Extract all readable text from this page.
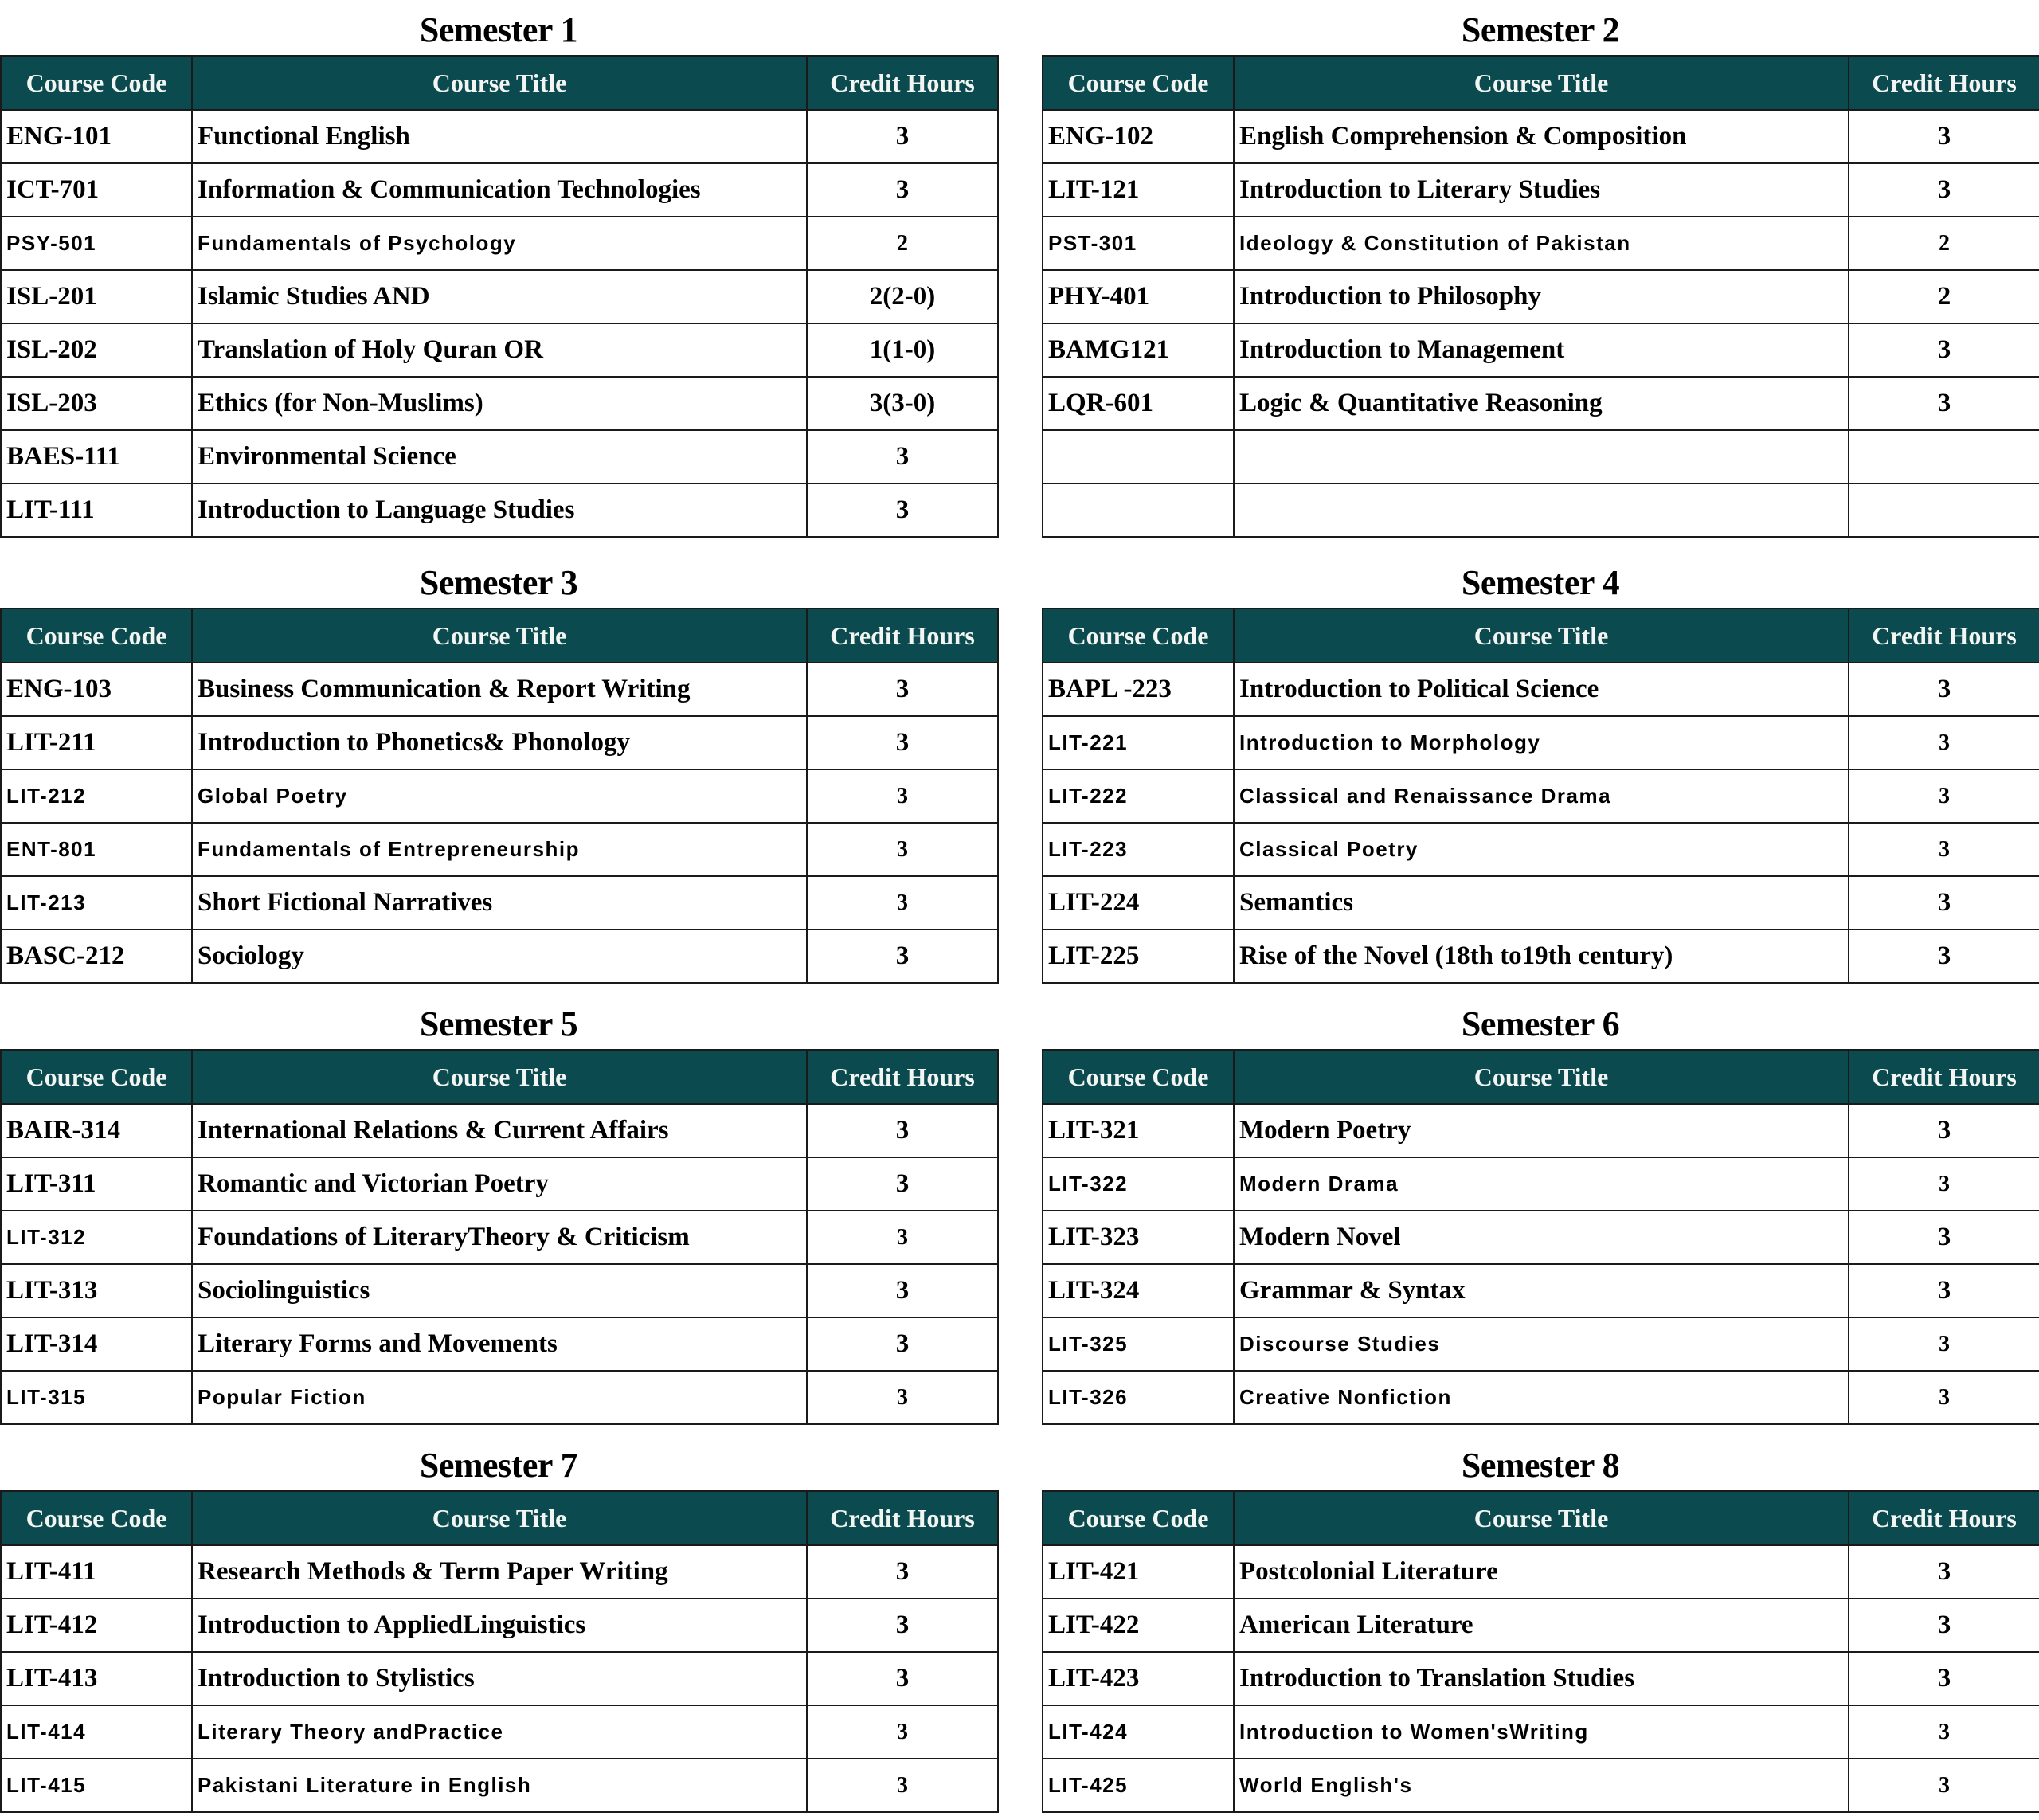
Semester 1
Course Code	Course Title	Credit Hours
ENG-101	Functional English	3
ICT-701	Information & Communication Technologies	3
PSY-501	Fundamentals of Psychology	2
ISL-201	Islamic Studies AND	2(2-0)
ISL-202	Translation of Holy Quran OR	1(1-0)
ISL-203	Ethics (for Non-Muslims)	3(3-0)
BAES-111	Environmental Science	3
LIT-111	Introduction to Language Studies	3
Semester 2
Course Code	Course Title	Credit Hours
ENG-102	English Comprehension & Composition	3
LIT-121	Introduction to Literary Studies	3
PST-301	Ideology & Constitution of Pakistan	2
PHY-401	Introduction to Philosophy	2
BAMG121	Introduction to Management	3
LQR-601	Logic & Quantitative Reasoning	3

Semester 3
Course Code	Course Title	Credit Hours
ENG-103	Business Communication & Report Writing	3
LIT-211	Introduction to Phonetics& Phonology	3
LIT-212	Global Poetry	3
ENT-801	Fundamentals of Entrepreneurship	3
LIT-213	Short Fictional Narratives	3
BASC-212	Sociology	3
Semester 4
Course Code	Course Title	Credit Hours
BAPL -223	Introduction to Political Science	3
LIT-221	Introduction to Morphology	3
LIT-222	Classical and Renaissance Drama	3
LIT-223	Classical Poetry	3
LIT-224	Semantics	3
LIT-225	Rise of the Novel (18th to19th century)	3
Semester 5
Course Code	Course Title	Credit Hours
BAIR-314	International Relations & Current Affairs	3
LIT-311	Romantic and Victorian Poetry	3
LIT-312	Foundations of LiteraryTheory & Criticism	3
LIT-313	Sociolinguistics	3
LIT-314	Literary Forms and Movements	3
LIT-315	Popular Fiction	3
Semester 6
Course Code	Course Title	Credit Hours
LIT-321	Modern Poetry	3
LIT-322	Modern Drama	3
LIT-323	Modern Novel	3
LIT-324	Grammar & Syntax	3
LIT-325	Discourse Studies	3
LIT-326	Creative Nonfiction	3
Semester 7
Course Code	Course Title	Credit Hours
LIT-411	Research Methods & Term Paper Writing	3
LIT-412	Introduction to AppliedLinguistics	3
LIT-413	Introduction to Stylistics	3
LIT-414	Literary Theory andPractice	3
LIT-415	Pakistani Literature in English	3
Semester 8
Course Code	Course Title	Credit Hours
LIT-421	Postcolonial Literature	3
LIT-422	American Literature	3
LIT-423	Introduction to Translation Studies	3
LIT-424	Introduction to Women'sWriting	3
LIT-425	World English's	3
